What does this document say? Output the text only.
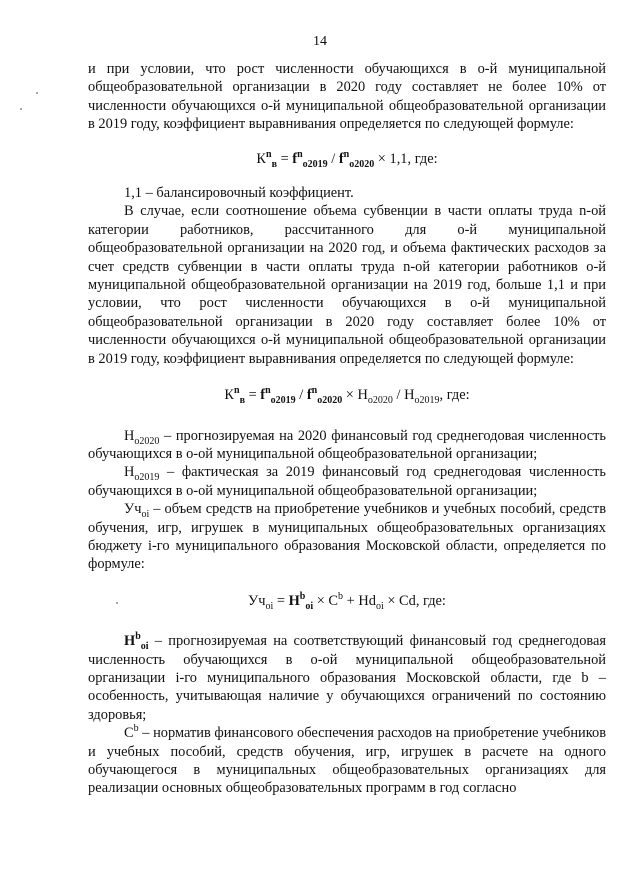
14

и при условии, что рост численности обучающихся в о-й муниципальной общеобразовательной организации в 2020 году составляет не более 10% от численности обучающихся о-й муниципальной общеобразовательной организации в 2019 году, коэффициент выравнивания определяется по следующей формуле:

$К^n_в = f^n_{o2019} / f^n_{o2020} \times 1,1$, где:

1,1 – балансировочный коэффициент.

В случае, если соотношение объема субвенции в части оплаты труда n-ой категории работников, рассчитанного для о-й муниципальной общеобразовательной организации на 2020 год, и объема фактических расходов за счет средств субвенции в части оплаты труда n-ой категории работников о-й муниципальной общеобразовательной организации на 2019 год, больше 1,1 и при условии, что рост численности обучающихся в о-й муниципальной общеобразовательной организации в 2020 году составляет более 10% от численности обучающихся о-й муниципальной общеобразовательной организации в 2019 году, коэффициент выравнивания определяется по следующей формуле:

$К^n_в = f^n_{o2019} / f^n_{o2020} \times Н_{o2020} / Н_{o2019}$, где:

$Н_{o2020}$ – прогнозируемая на 2020 финансовый год среднегодовая численность обучающихся в о-ой муниципальной общеобразовательной организации;

$Н_{o2019}$ – фактическая за 2019 финансовый год среднегодовая численность обучающихся в о-ой муниципальной общеобразовательной организации;

$Уч_{oi}$ – объем средств на приобретение учебников и учебных пособий, средств обучения, игр, игрушек в муниципальных общеобразовательных организациях бюджету i-го муниципального образования Московской области, определяется по формуле:

$Уч_{oi} = Н^b_{oi} \times С^b + Hd_{oi} \times Cd$, где:

$Н^b_{oi}$ – прогнозируемая на соответствующий финансовый год среднегодовая численность обучающихся в о-ой муниципальной общеобразовательной организации i-го муниципального образования Московской области, где b – особенность, учитывающая наличие у обучающихся ограничений по состоянию здоровья;

$С^b$ – норматив финансового обеспечения расходов на приобретение учебников и учебных пособий, средств обучения, игр, игрушек в расчете на одного обучающегося в муниципальных общеобразовательных организациях для реализации основных общеобразовательных программ в год согласно
